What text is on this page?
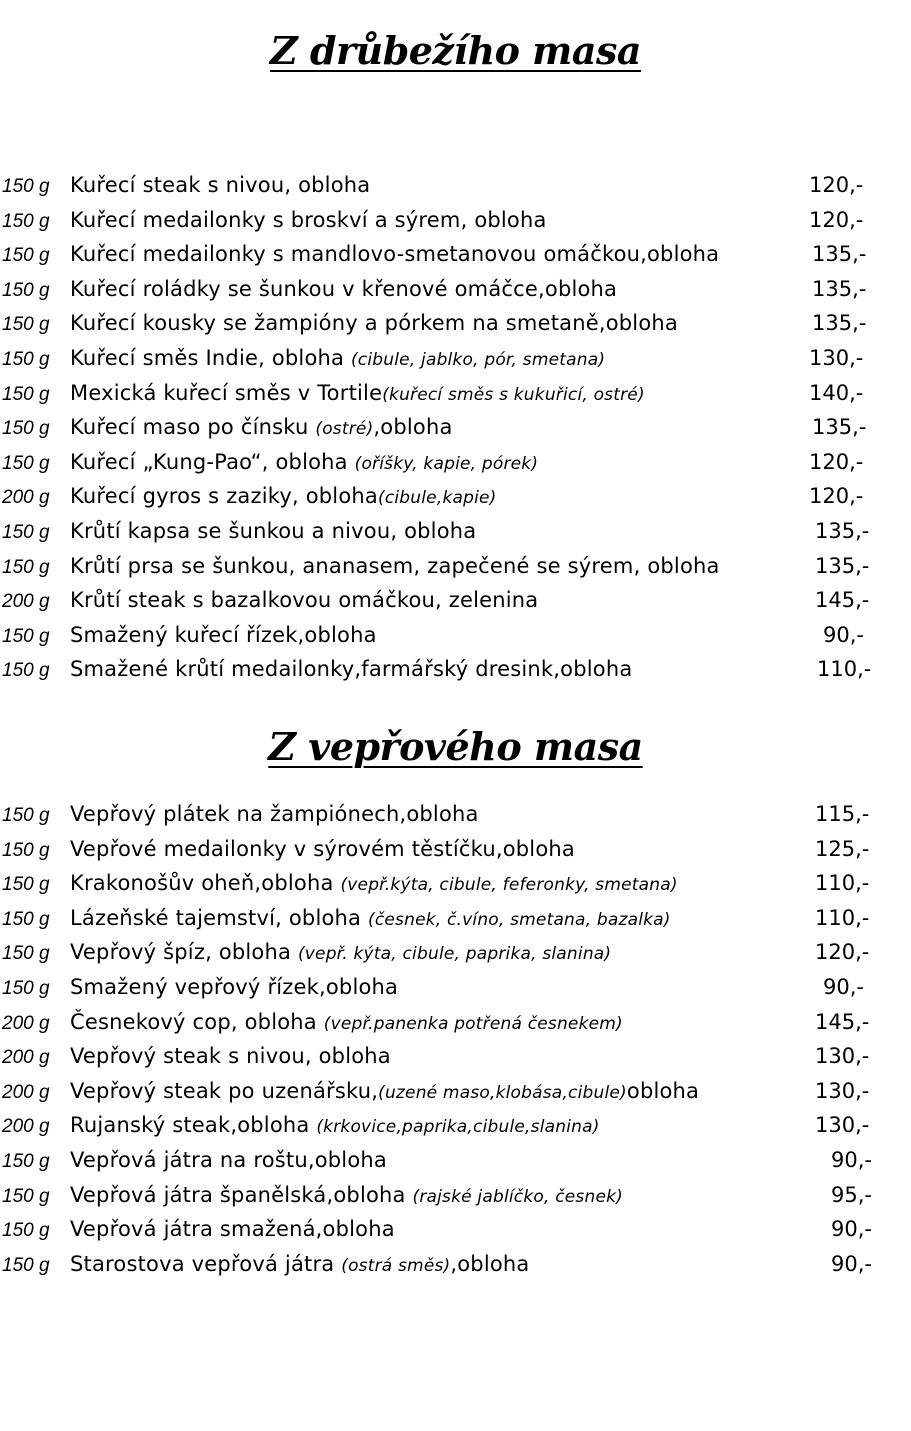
Z drůbežího masa
150 g Kuřecí steak s nivou, obloha	120,-
150 g Kuřecí medailonky s broskví a sýrem, obloha	120,-
150 g Kuřecí medailonky s mandlovo-smetanovou omáčkou,obloha	135,-
150 g Kuřecí roládky se šunkou v křenové omáčce,obloha	135,-
150 g Kuřecí kousky se žampióny a pórkem na smetaně,obloha	135,-
150 g Kuřecí směs Indie, obloha (cibule, jablko, pór, smetana)	130,-
150 g Mexická kuřecí směs v Tortile(kuřecí směs s kukuřicí, ostré)	140,-
150 g Kuřecí maso po čínsku (ostré),obloha	135,-
150 g Kuřecí „Kung-Pao“, obloha (oříšky, kapie, pórek)	120,-
200 g Kuřecí gyros s zaziky, obloha(cibule,kapie)	120,-
150 g Krůtí kapsa se šunkou a nivou, obloha	135,-
150 g Krůtí prsa se šunkou, ananasem, zapečené se sýrem, obloha	135,-
200 g Krůtí steak s bazalkovou omáčkou, zelenina	145,-
150 g Smažený kuřecí řízek,obloha	90,-
150 g Smažené krůtí medailonky,farmářský dresink,obloha	110,-
Z vepřového masa
150 g Vepřový plátek na žampiónech,obloha	115,-
150 g Vepřové medailonky v sýrovém těstíčku,obloha	125,-
150 g Krakonošův oheň,obloha (vepř.kýta, cibule, feferonky, smetana)	110,-
150 g Lázeňské tajemství, obloha (česnek, č.víno, smetana, bazalka)	110,-
150 g Vepřový špíz, obloha (vepř. kýta, cibule, paprika, slanina)	120,-
150 g Smažený vepřový řízek,obloha	90,-
200 g Česnekový cop, obloha (vepř.panenka potřená česnekem)	145,-
200 g Vepřový steak s nivou, obloha	130,-
200 g Vepřový steak po uzenářsku,(uzené maso,klobása,cibule)obloha	130,-
200 g Rujanský steak,obloha (krkovice,paprika,cibule,slanina)	130,-
150 g Vepřová játra na roštu,obloha	90,-
150 g Vepřová játra španělská,obloha (rajské jablíčko, česnek)	95,-
150 g Vepřová játra smažená,obloha	90,-
150 g Starostova vepřová játra (ostrá směs),obloha	90,-
